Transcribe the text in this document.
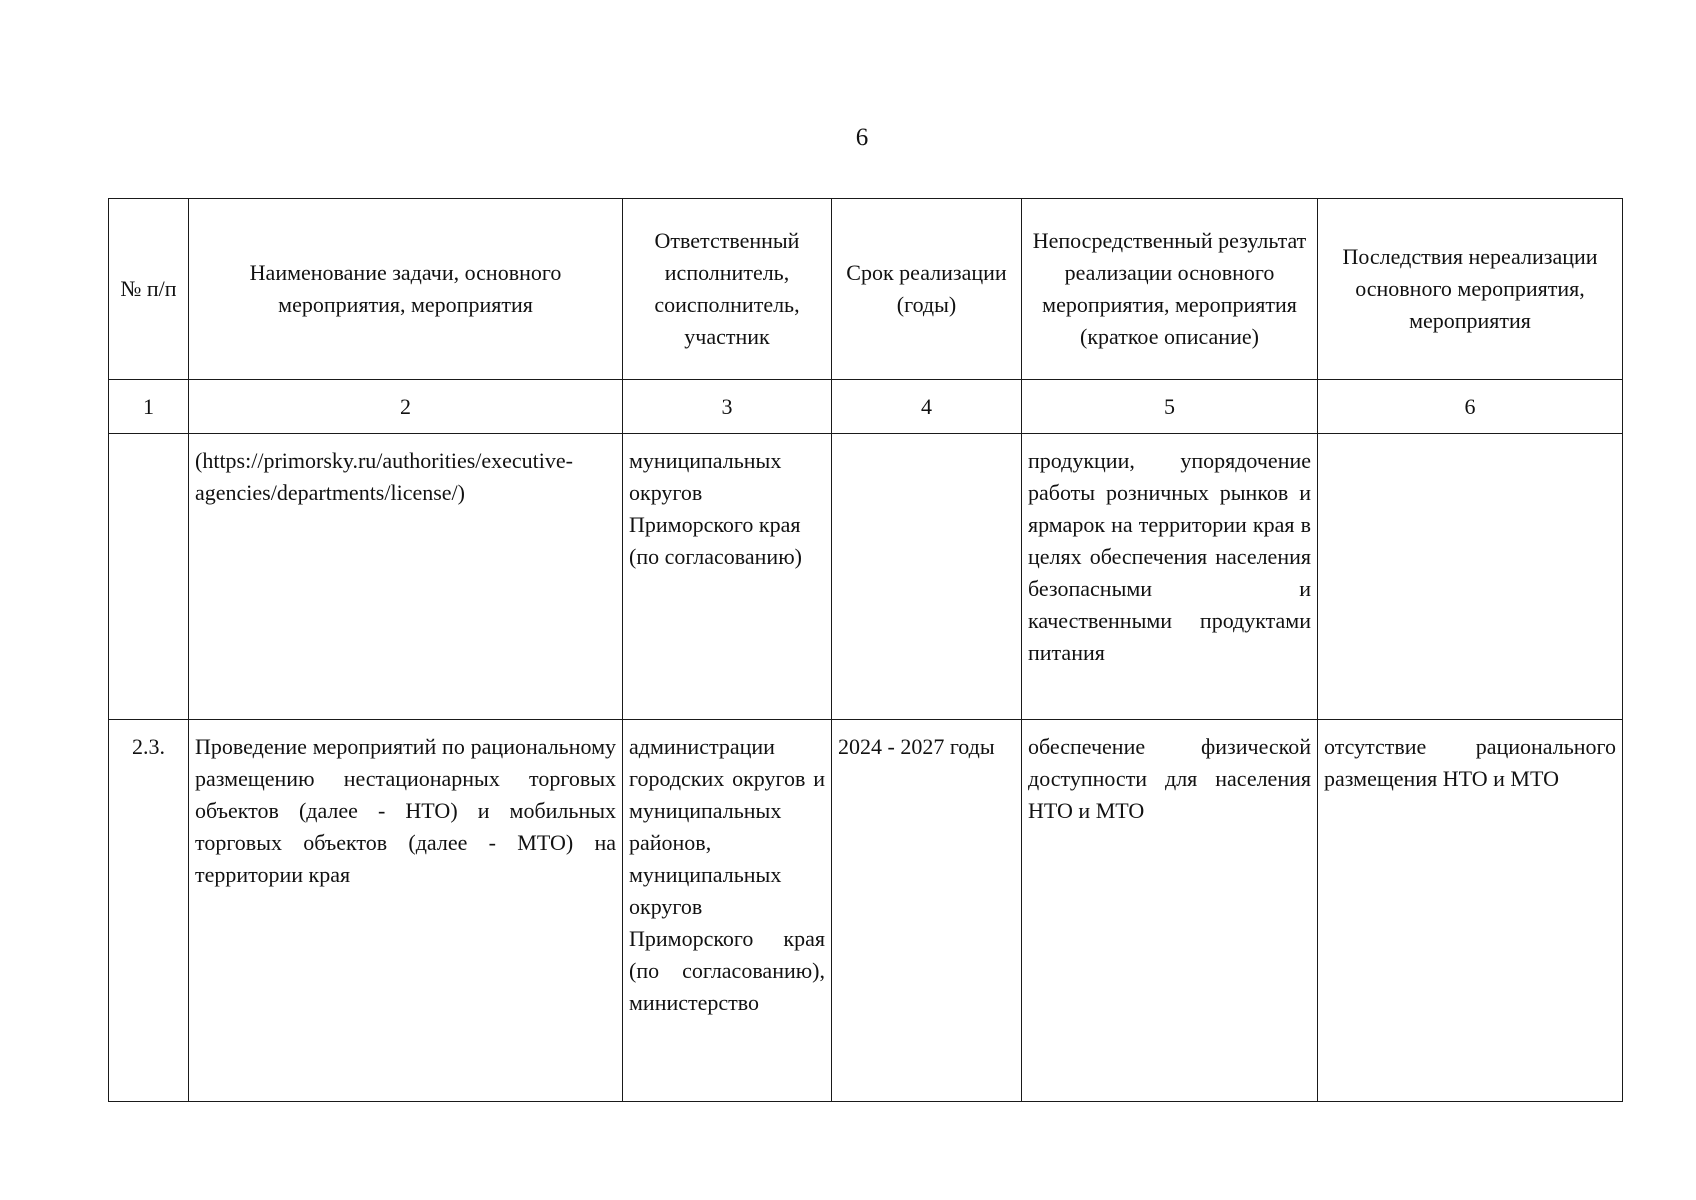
6
№ п/п	Наименование задачи, основного мероприятия, мероприятия	Ответственный исполнитель, соисполнитель, участник	Срок реализации (годы)	Непосредственный результат реализации основного мероприятия, мероприятия (краткое описание)	Последствия нереализации основного мероприятия, мероприятия
1	2	3	4	5	6
	(https://primorsky.ru/authorities/executive-agencies/departments/license/)	муниципальных округов Приморского края (по согласованию)		продукции, упорядочение работы розничных рынков и ярмарок на территории края в целях обеспечения населения безопасными и качественными продуктами питания	
2.3.	Проведение мероприятий по рациональному размещению нестационарных торговых объектов (далее - НТО) и мобильных торговых объектов (далее - МТО) на территории края	администрации городских округов и муниципальных районов, муниципальных округов Приморского края (по согласованию), министерство	2024 - 2027 годы	обеспечение физической доступности для населения НТО и МТО	отсутствие рационального размещения НТО и МТО
